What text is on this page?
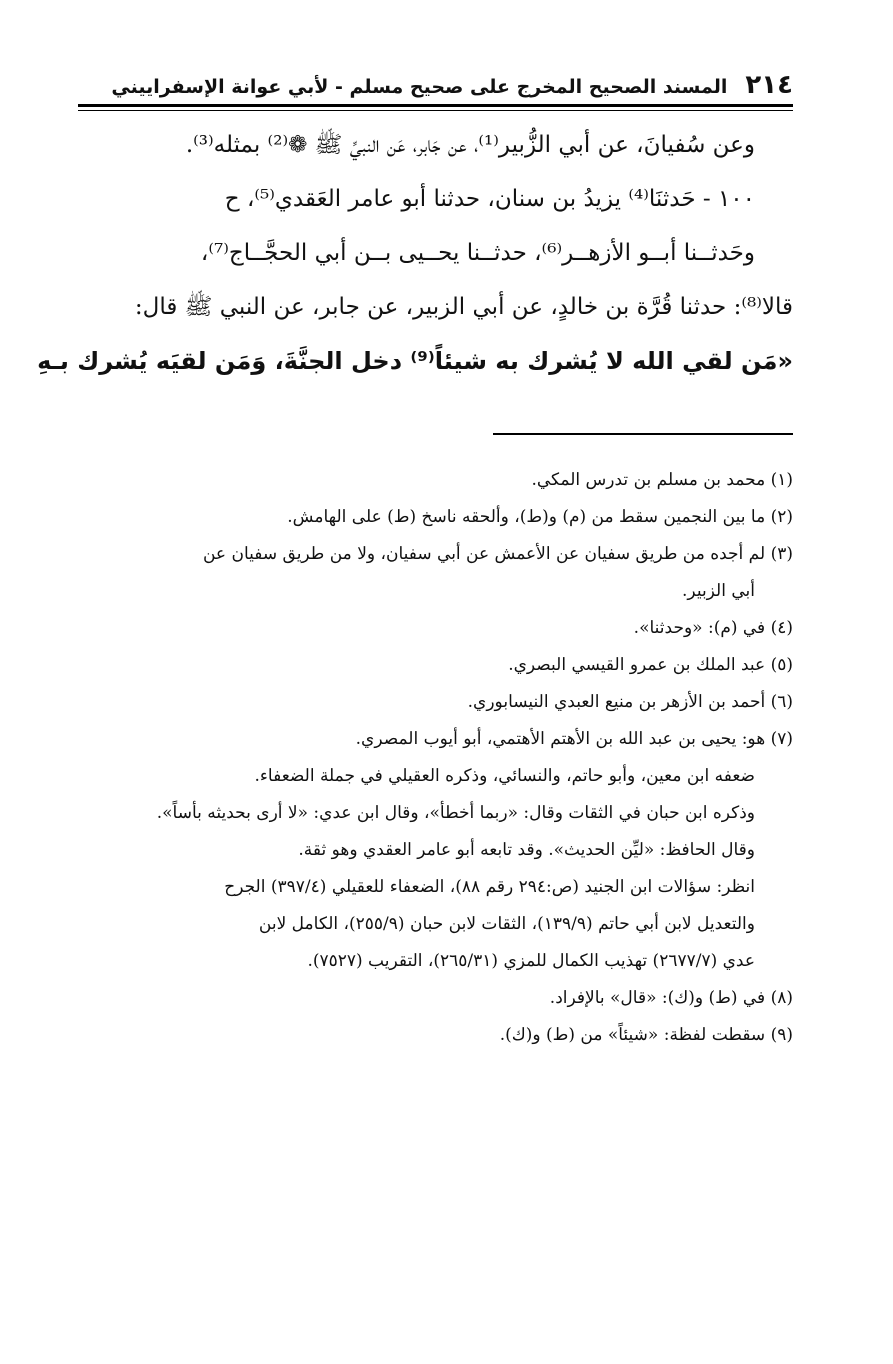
٢١٤
المسند الصحيح المخرج على صحيح مسلم - لأبي عوانة الإسفراييني

وعن سُفيانَ، عن أبي الزُّبير⁽¹⁾، عن جَابر، عَن النبيِّ ﷺ ❁⁽²⁾ بمثله⁽³⁾.

١٠٠ - حَدثنَا⁽⁴⁾ يزيدُ بن سنان، حدثنا أبو عامر العَقدي⁽⁵⁾، ح

وحَدثــنا أبــو الأزهــر⁽⁶⁾، حدثــنا يحــيى بــن أبي الحجَّــاج⁽⁷⁾،

قالا⁽⁸⁾: حدثنا قُرَّة بن خالدٍ، عن أبي الزبير، عن جابر، عن النبي ﷺ قال:

«مَن لقي الله لا يُشرك به شيئاً⁽⁹⁾ دخل الجنَّةَ، وَمَن لقيَه يُشرك بـهِ

(١) محمد بن مسلم بن تدرس المكي.

(٢) ما بين النجمين سقط من (م) و(ط)، وألحقه ناسخ (ط) على الهامش.

(٣) لم أجده من طريق سفيان عن الأعمش عن أبي سفيان، ولا من طريق سفيان عن

أبي الزبير.

(٤) في (م): «وحدثنا».

(٥) عبد الملك بن عمرو القيسي البصري.

(٦) أحمد بن الأزهر بن منيع العبدي النيسابوري.

(٧) هو: يحيى بن عبد الله بن الأهتم الأهتمي، أبو أيوب المصري.

ضعفه ابن معين، وأبو حاتم، والنسائي، وذكره العقيلي في جملة الضعفاء.

وذكره ابن حبان في الثقات وقال: «ربما أخطأ»، وقال ابن عدي: «لا أرى بحديثه بأساً».

وقال الحافظ: «ليِّن الحديث». وقد تابعه أبو عامر العقدي وهو ثقة.

انظر: سؤالات ابن الجنيد (ص:٢٩٤ رقم ٨٨)، الضعفاء للعقيلي (٣٩٧/٤) الجرح

والتعديل لابن أبي حاتم (١٣٩/٩)، الثقات لابن حبان (٢٥٥/٩)، الكامل لابن

عدي (٢٦٧٧/٧) تهذيب الكمال للمزي (٢٦٥/٣١)، التقريب (٧٥٢٧).

(٨) في (ط) و(ك): «قال» بالإفراد.

(٩) سقطت لفظة: «شيئاً» من (ط) و(ك).
